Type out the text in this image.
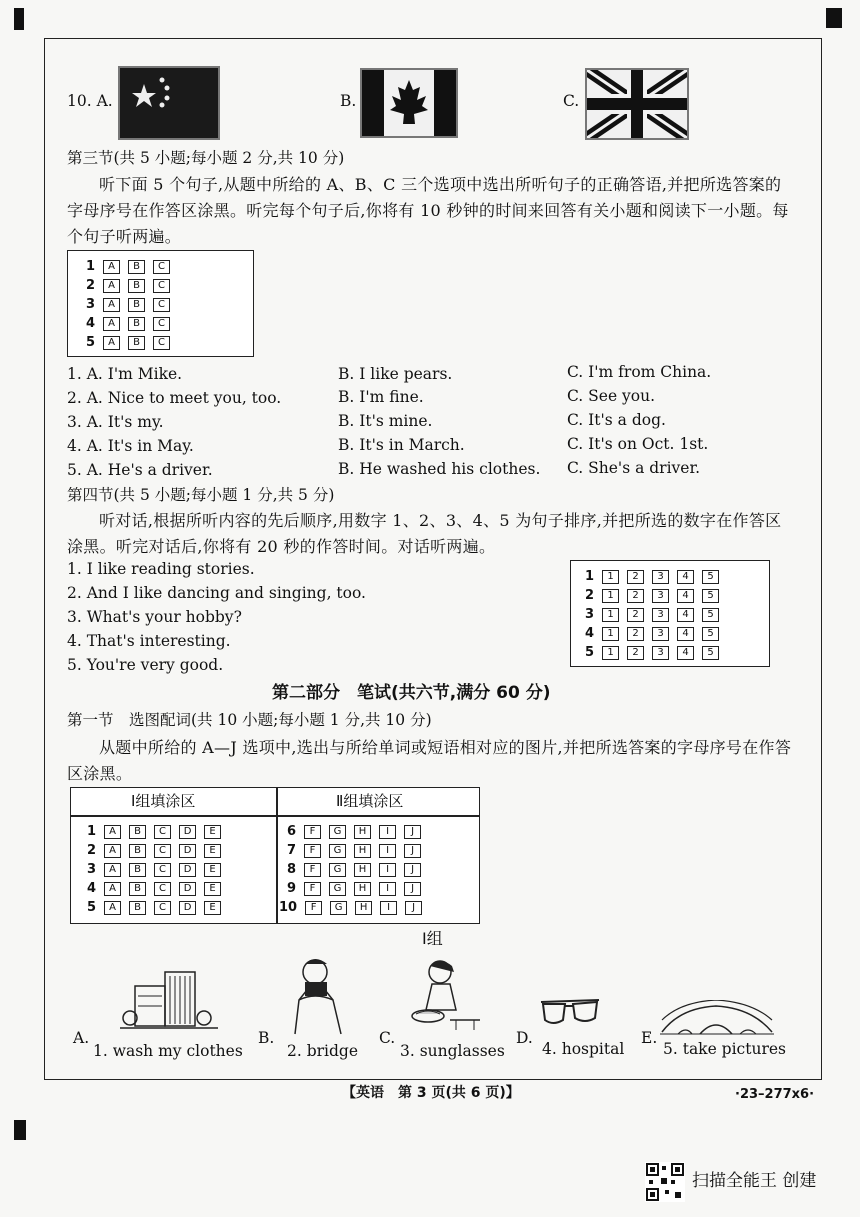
10. A.	B.	C.
第三节(共 5 小题;每小题 2 分,共 10 分)
听下面 5 个句子,从题中所给的 A、B、C 三个选项中选出所听句子的正确答语,并把所选答案的字母序号在作答区涂黑。听完每个句子后,你将有 10 秒钟的时间来回答有关小题和阅读下一小题。每个句子听两遍。
1 A B C
2 A B C
3 A B C
4 A B C
5 A B C
1. A. I'm Mike.	B. I like pears.	C. I'm from China.
2. A. Nice to meet you, too.	B. I'm fine.	C. See you.
3. A. It's my.	B. It's mine.	C. It's a dog.
4. A. It's in May.	B. It's in March.	C. It's on Oct. 1st.
5. A. He's a driver.	B. He washed his clothes. C. She's a driver.
第四节(共 5 小题;每小题 1 分,共 5 分)
听对话,根据所听内容的先后顺序,用数字 1、2、3、4、5 为句子排序,并把所选的数字在作答区涂黑。听完对话后,你将有 20 秒的作答时间。对话听两遍。
1. I like reading stories.
2. And I like dancing and singing, too.
3. What's your hobby?
4. That's interesting.
5. You're very good.
1 1 2 3 4 5
2 1 2 3 4 5
3 1 2 3 4 5
4 1 2 3 4 5
5 1 2 3 4 5
第二部分　笔试(共六节,满分 60 分)
第一节　选图配词(共 10 小题;每小题 1 分,共 10 分)
从题中所给的 A—J 选项中,选出与所给单词或短语相对应的图片,并把所选答案的字母序号在作答区涂黑。
Ⅰ组填涂区	Ⅱ组填涂区
1 A B C D E
2 A B C D E
3 A B C D E
4 A B C D E
5 A B C D E
6 F G H I J
7 F G H I J
8 F G H I J
9 F G H I J
10 F G H I J
Ⅰ组
A.
1. wash my clothes
B.
2. bridge
C.
3. sunglasses
D.
4. hospital
E.
5. take pictures
【英语　第 3 页(共 6 页)】	·23–277x6·
扫描全能王 创建
